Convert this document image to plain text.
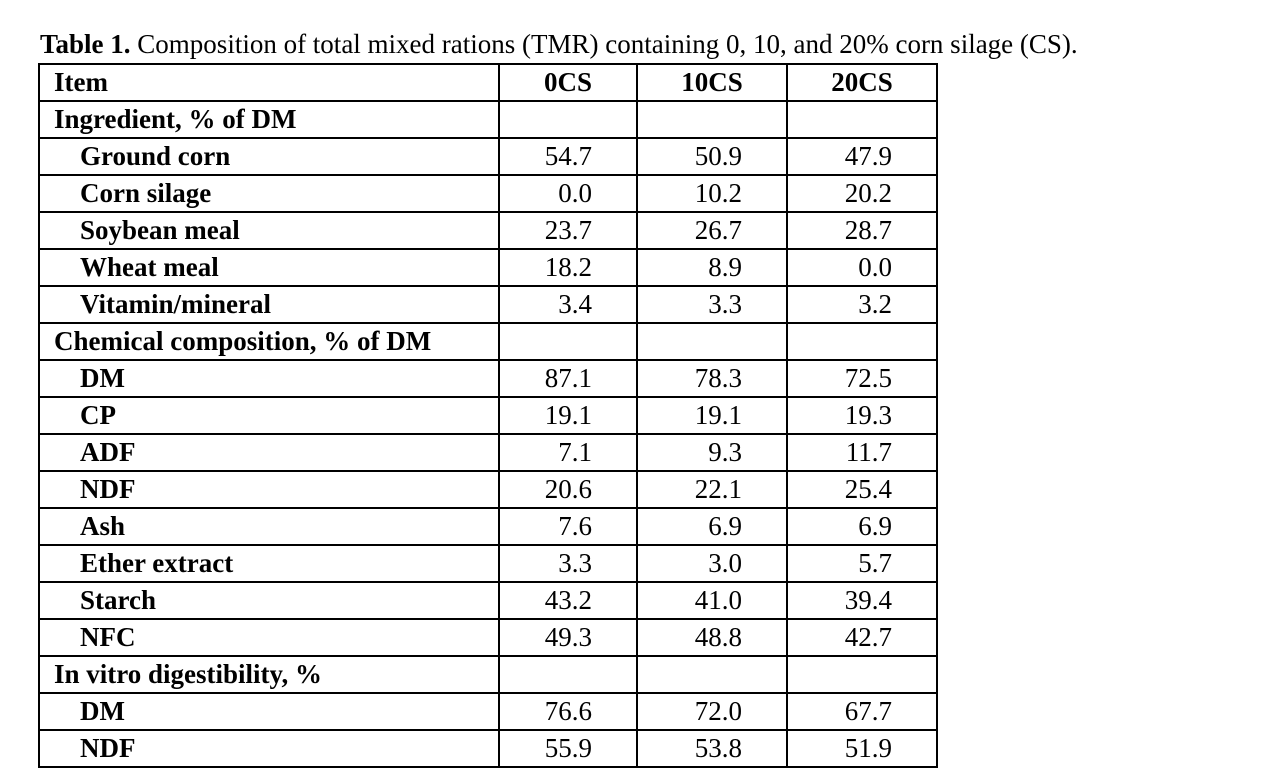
Table 1. Composition of total mixed rations (TMR) containing 0, 10, and 20% corn silage (CS).
Item	0CS	10CS	20CS
Ingredient, % of DM			
Ground corn	54.7	50.9	47.9
Corn silage	0.0	10.2	20.2
Soybean meal	23.7	26.7	28.7
Wheat meal	18.2	8.9	0.0
Vitamin/mineral	3.4	3.3	3.2
Chemical composition, % of DM			
DM	87.1	78.3	72.5
CP	19.1	19.1	19.3
ADF	7.1	9.3	11.7
NDF	20.6	22.1	25.4
Ash	7.6	6.9	6.9
Ether extract	3.3	3.0	5.7
Starch	43.2	41.0	39.4
NFC	49.3	48.8	42.7
In vitro digestibility, %			
DM	76.6	72.0	67.7
NDF	55.9	53.8	51.9
